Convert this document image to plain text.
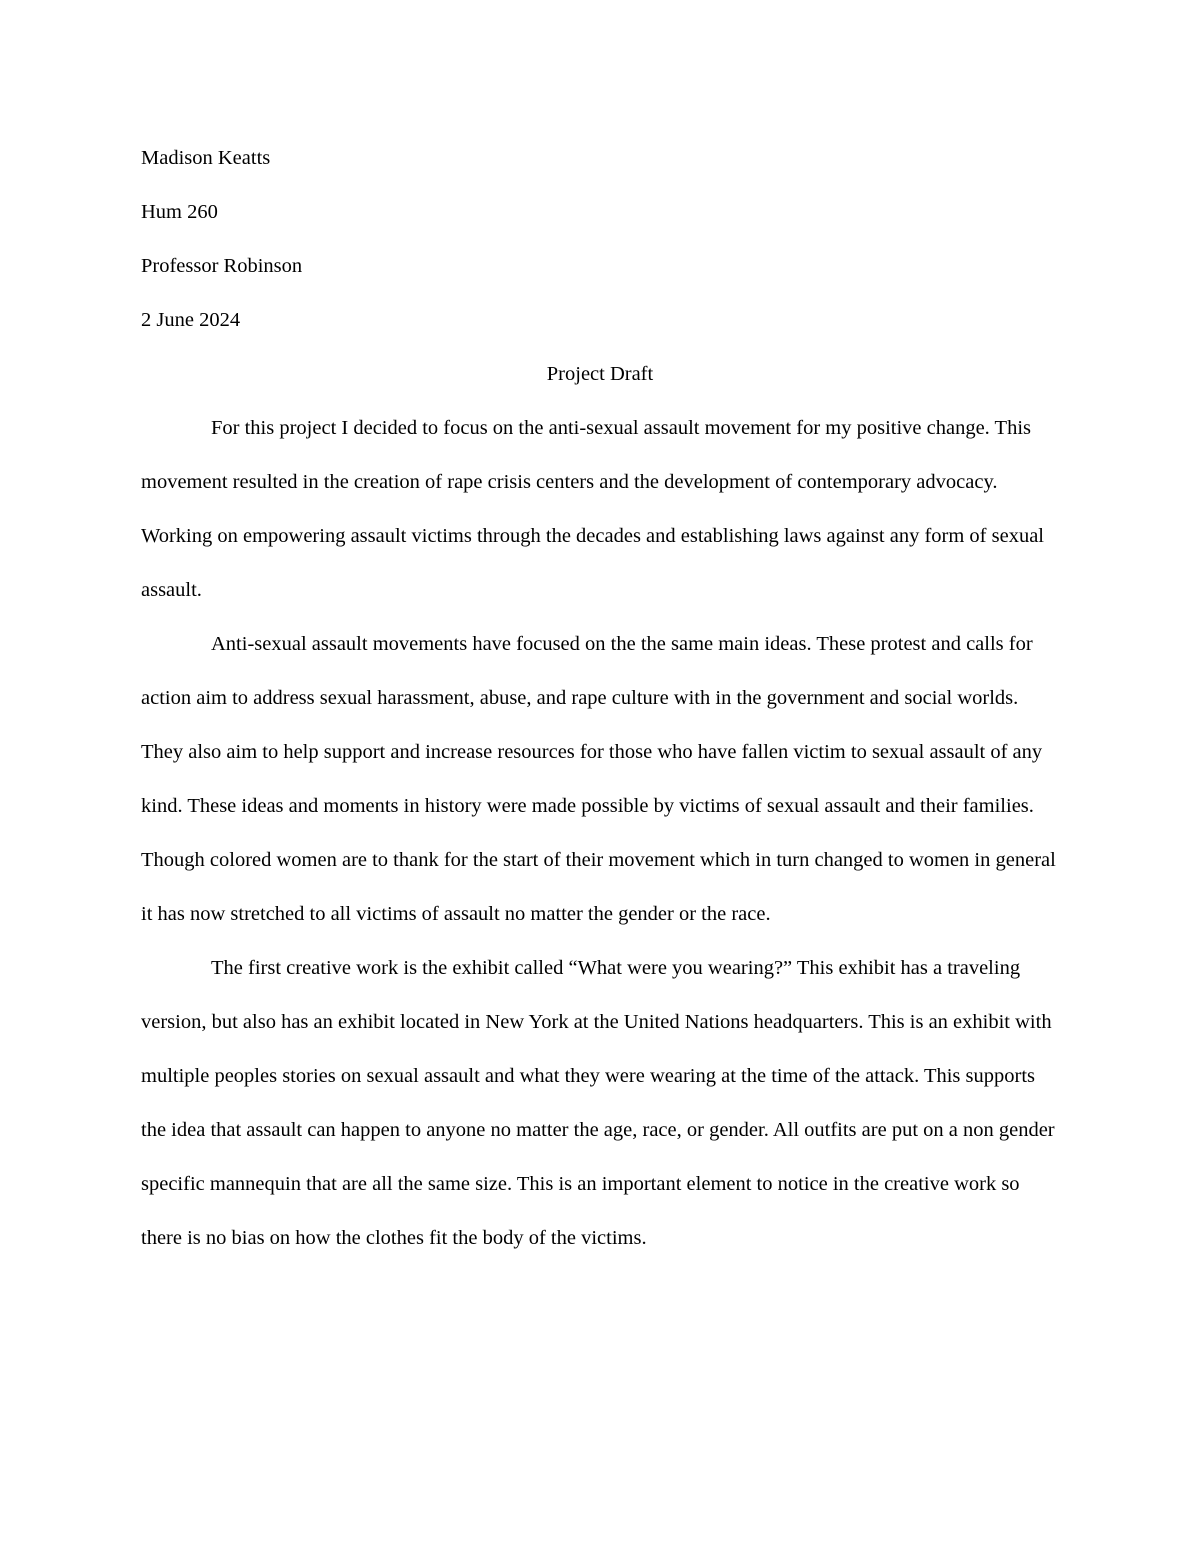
Madison Keatts
Hum 260
Professor Robinson
2 June 2024
Project Draft

For this project I decided to focus on the anti-sexual assault movement for my positive change. This movement resulted in the creation of rape crisis centers and the development of contemporary advocacy. Working on empowering assault victims through the decades and establishing laws against any form of sexual assault.

Anti-sexual assault movements have focused on the the same main ideas. These protest and calls for action aim to address sexual harassment, abuse, and rape culture with in the government and social worlds. They also aim to help support and increase resources for those who have fallen victim to sexual assault of any kind. These ideas and moments in history were made possible by victims of sexual assault and their families. Though colored women are to thank for the start of their movement which in turn changed to women in general it has now stretched to all victims of assault no matter the gender or the race.

The first creative work is the exhibit called “What were you wearing?” This exhibit has a traveling version, but also has an exhibit located in New York at the United Nations headquarters. This is an exhibit with multiple peoples stories on sexual assault and what they were wearing at the time of the attack. This supports the idea that assault can happen to anyone no matter the age, race, or gender. All outfits are put on a non gender specific mannequin that are all the same size. This is an important element to notice in the creative work so there is no bias on how the clothes fit the body of the victims.
